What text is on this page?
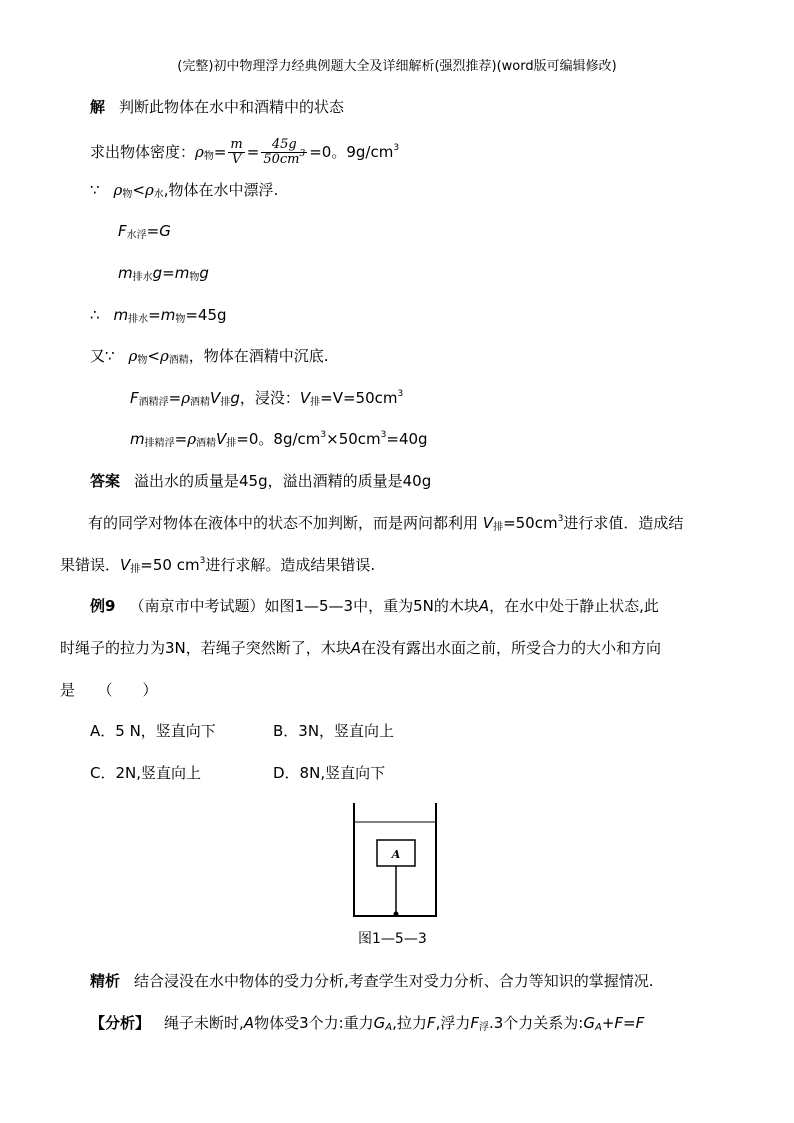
(完整)初中物理浮力经典例题大全及详细解析(强烈推荐)(word版可编辑修改)
解 判断此物体在水中和酒精中的状态
求出物体密度：$\rho_物= \frac{m}{V} = \frac{45g}{50cm^3} =0$。$9g/cm^3$
∵ $\rho_物<\rho_水$,物体在水中漂浮.
$F_{水浮}=G$
$m_{排水}g=m_物g$
∴ $m_{排水}=m_物=45g$
又∵ $\rho_物<\rho_{酒精}$，物体在酒精中沉底.
$F_{酒精浮}=\rho_{酒精}V_排g$，浸没：$V_排=V=50cm^3$
$m_{排精浮}=\rho_{酒精}V_排=0$。$8g/cm^3\times 50cm^3=40g$
答案 溢出水的质量是45g，溢出酒精的质量是40g
有的同学对物体在液体中的状态不加判断，而是两问都利用 $V_排=50cm^3$进行求值．造成结
果错误．$V_排=50$ $cm^3$进行求解。造成结果错误.
例9 （南京市中考试题）如图1—5—3中，重为5N的木块A，在水中处于静止状态,此
时绳子的拉力为3N，若绳子突然断了，木块A在没有露出水面之前，所受合力的大小和方向
是　　（　　）
A．5 N，竖直向下	B．3N，竖直向上
C．2N,竖直向上	D．8N,竖直向下
A
图1—5—3
精析 结合浸没在水中物体的受力分析,考查学生对受力分析、合力等知识的掌握情况.
【分析】 绳子未断时,A物体受3个力:重力$G_A$,拉力F,浮力$F_浮.3$个力关系为$:G_A+F=F$
